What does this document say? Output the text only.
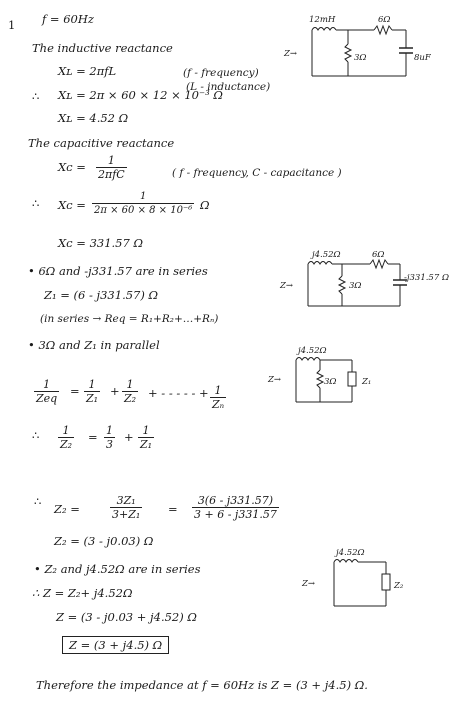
1 f = 60Hz
The inductive reactance
Xʟ = 2πfL	(f - frequency)
(L - inductance)
∴ Xʟ = 2π × 60 × 12 × 10⁻³ Ω
Xʟ = 4.52 Ω
12mH	6Ω
Z→	3Ω	8uF
The capacitive reactance
Xᴄ = 1
2πfC	( f - frequency, C - capacitance )
∴ Xᴄ = $\frac{1}{\text{2π × 60 × 8 × 10⁻⁶}}$ Ω
Xᴄ = 331.57 Ω
• 6Ω and -j331.57 are in series
Z₁ = (6 - j331.57) Ω
(in series → Req = R₁+R₂+…+Rₙ)
j4.52Ω	6Ω
Z→	3Ω
-j331.57 Ω
• 3Ω and Z₁ in parallel
1
Zeq
= $\frac{1}{\text{Z₁}} + \frac{1}{\text{Z₂}}$ + - - - - - + $\frac{1}{\text{Zₙ}}$
∴ $\frac{1}{\text{Z₂}} = \frac{1}{3} + \frac{1}{\text{Z₁}}$
j4.52Ω
Z→	3Ω	Z₁
∴
Z₂ =	$\frac{\text{3Z₁}}{\text{3+Z₁}} = \frac{3(6 - j331.57)}{3 + 6 - j331.57}$
Z₂ = (3 - j0.03) Ω
• Z₂ and j4.52Ω are in series
∴ Z = Z₂+ j4.52Ω
Z = (3 - j0.03 + j4.52) Ω
Z = (3 + j4.5) Ω
j4.52Ω
Z→	Z₂
Therefore the impedance at f = 60Hz is Z = (3 + j4.5) Ω.
